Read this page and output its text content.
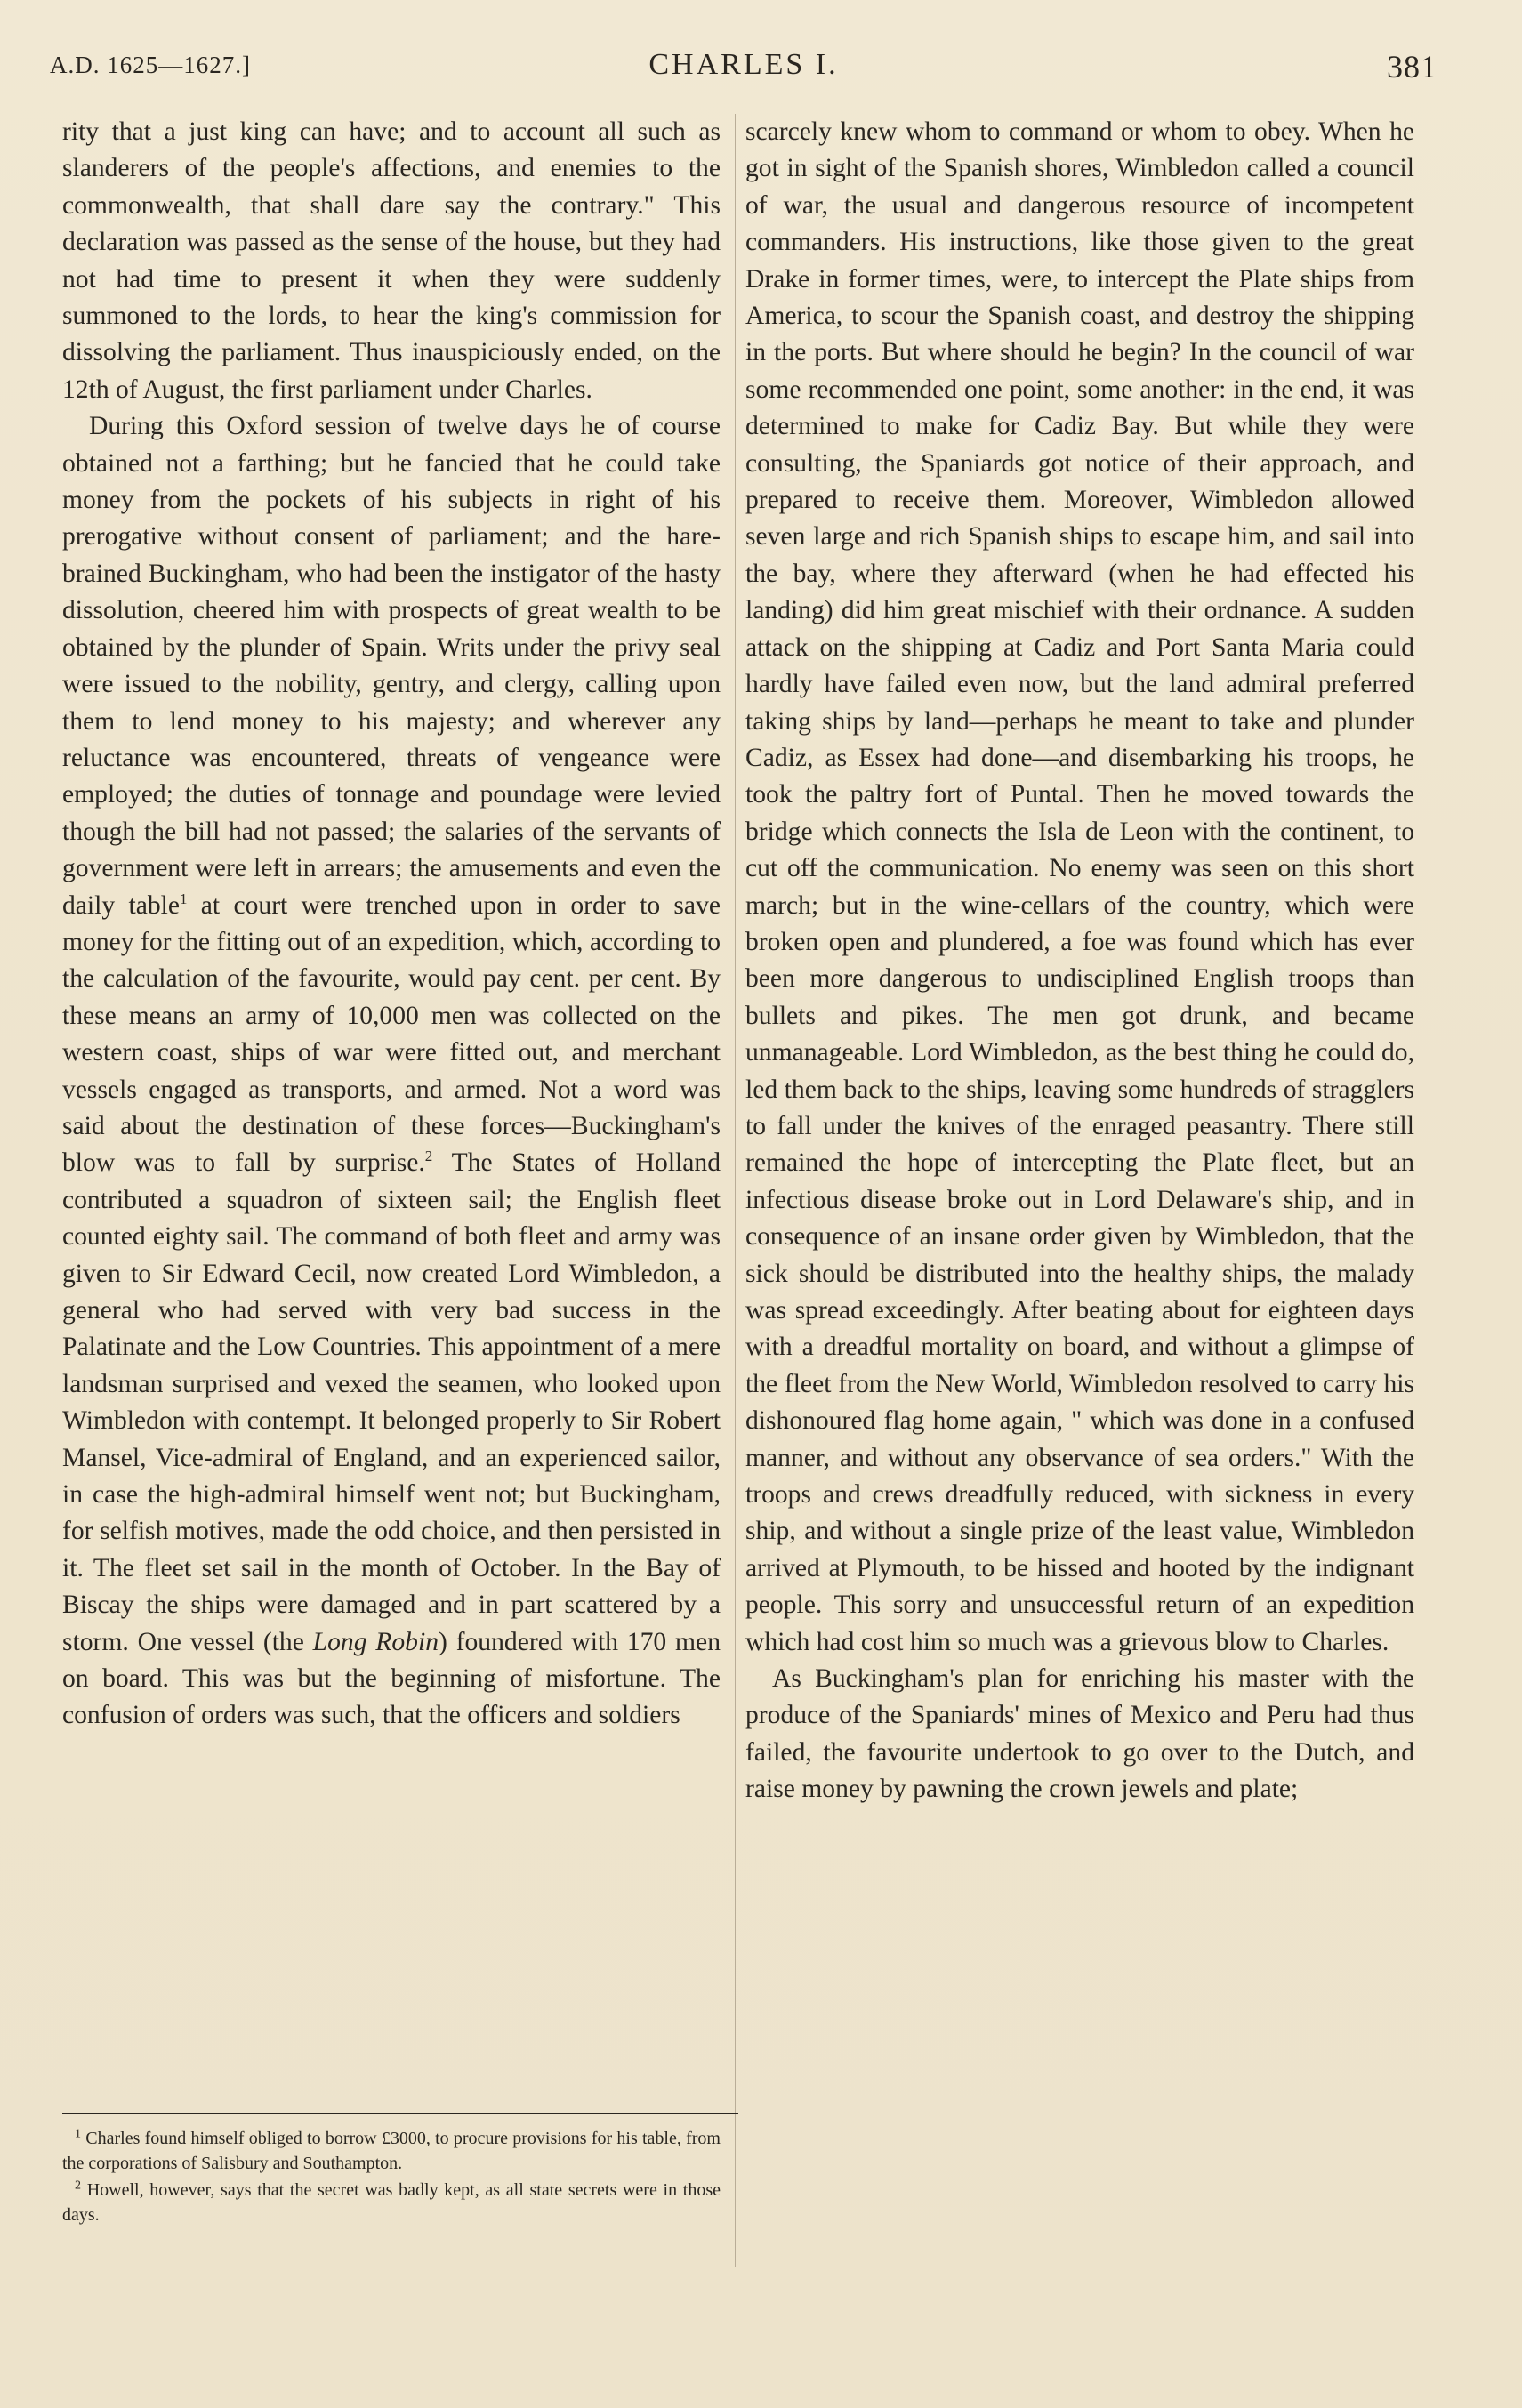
A.D. 1625—1627.]	CHARLES I.	381

rity that a just king can have; and to account all such as slanderers of the people's affections, and enemies to the commonwealth, that shall dare say the contrary." This declaration was passed as the sense of the house, but they had not had time to present it when they were suddenly summoned to the lords, to hear the king's commission for dissolving the parliament. Thus inauspiciously ended, on the 12th of August, the first parliament under Charles.

During this Oxford session of twelve days he of course obtained not a farthing; but he fancied that he could take money from the pockets of his subjects in right of his prerogative without consent of parliament; and the hare-brained Buckingham, who had been the instigator of the hasty dissolution, cheered him with prospects of great wealth to be obtained by the plunder of Spain. Writs under the privy seal were issued to the nobility, gentry, and clergy, calling upon them to lend money to his majesty; and wherever any reluctance was encountered, threats of vengeance were employed; the duties of tonnage and poundage were levied though the bill had not passed; the salaries of the servants of government were left in arrears; the amusements and even the daily table$^1$ at court were trenched upon in order to save money for the fitting out of an expedition, which, according to the calculation of the favourite, would pay cent. per cent. By these means an army of 10,000 men was collected on the western coast, ships of war were fitted out, and merchant vessels engaged as transports, and armed. Not a word was said about the destination of these forces—Buckingham's blow was to fall by surprise.$^2$ The States of Holland contributed a squadron of sixteen sail; the English fleet counted eighty sail. The command of both fleet and army was given to Sir Edward Cecil, now created Lord Wimbledon, a general who had served with very bad success in the Palatinate and the Low Countries. This appointment of a mere landsman surprised and vexed the seamen, who looked upon Wimbledon with contempt. It belonged properly to Sir Robert Mansel, Vice-admiral of England, and an experienced sailor, in case the high-admiral himself went not; but Buckingham, for selfish motives, made the odd choice, and then persisted in it. The fleet set sail in the month of October. In the Bay of Biscay the ships were damaged and in part scattered by a storm. One vessel (the Long Robin) foundered with 170 men on board. This was but the beginning of misfortune. The confusion of orders was such, that the officers and soldiers

$^1$ Charles found himself obliged to borrow £3000, to procure provisions for his table, from the corporations of Salisbury and Southampton.

$^2$ Howell, however, says that the secret was badly kept, as all state secrets were in those days.

scarcely knew whom to command or whom to obey. When he got in sight of the Spanish shores, Wimbledon called a council of war, the usual and dangerous resource of incompetent commanders. His instructions, like those given to the great Drake in former times, were, to intercept the Plate ships from America, to scour the Spanish coast, and destroy the shipping in the ports. But where should he begin? In the council of war some recommended one point, some another: in the end, it was determined to make for Cadiz Bay. But while they were consulting, the Spaniards got notice of their approach, and prepared to receive them. Moreover, Wimbledon allowed seven large and rich Spanish ships to escape him, and sail into the bay, where they afterward (when he had effected his landing) did him great mischief with their ordnance. A sudden attack on the shipping at Cadiz and Port Santa Maria could hardly have failed even now, but the land admiral preferred taking ships by land—perhaps he meant to take and plunder Cadiz, as Essex had done—and disembarking his troops, he took the paltry fort of Puntal. Then he moved towards the bridge which connects the Isla de Leon with the continent, to cut off the communication. No enemy was seen on this short march; but in the wine-cellars of the country, which were broken open and plundered, a foe was found which has ever been more dangerous to undisciplined English troops than bullets and pikes. The men got drunk, and became unmanageable. Lord Wimbledon, as the best thing he could do, led them back to the ships, leaving some hundreds of stragglers to fall under the knives of the enraged peasantry. There still remained the hope of intercepting the Plate fleet, but an infectious disease broke out in Lord Delaware's ship, and in consequence of an insane order given by Wimbledon, that the sick should be distributed into the healthy ships, the malady was spread exceedingly. After beating about for eighteen days with a dreadful mortality on board, and without a glimpse of the fleet from the New World, Wimbledon resolved to carry his dishonoured flag home again, " which was done in a confused manner, and without any observance of sea orders." With the troops and crews dreadfully reduced, with sickness in every ship, and without a single prize of the least value, Wimbledon arrived at Plymouth, to be hissed and hooted by the indignant people. This sorry and unsuccessful return of an expedition which had cost him so much was a grievous blow to Charles.

As Buckingham's plan for enriching his master with the produce of the Spaniards' mines of Mexico and Peru had thus failed, the favourite undertook to go over to the Dutch, and raise money by pawning the crown jewels and plate;
